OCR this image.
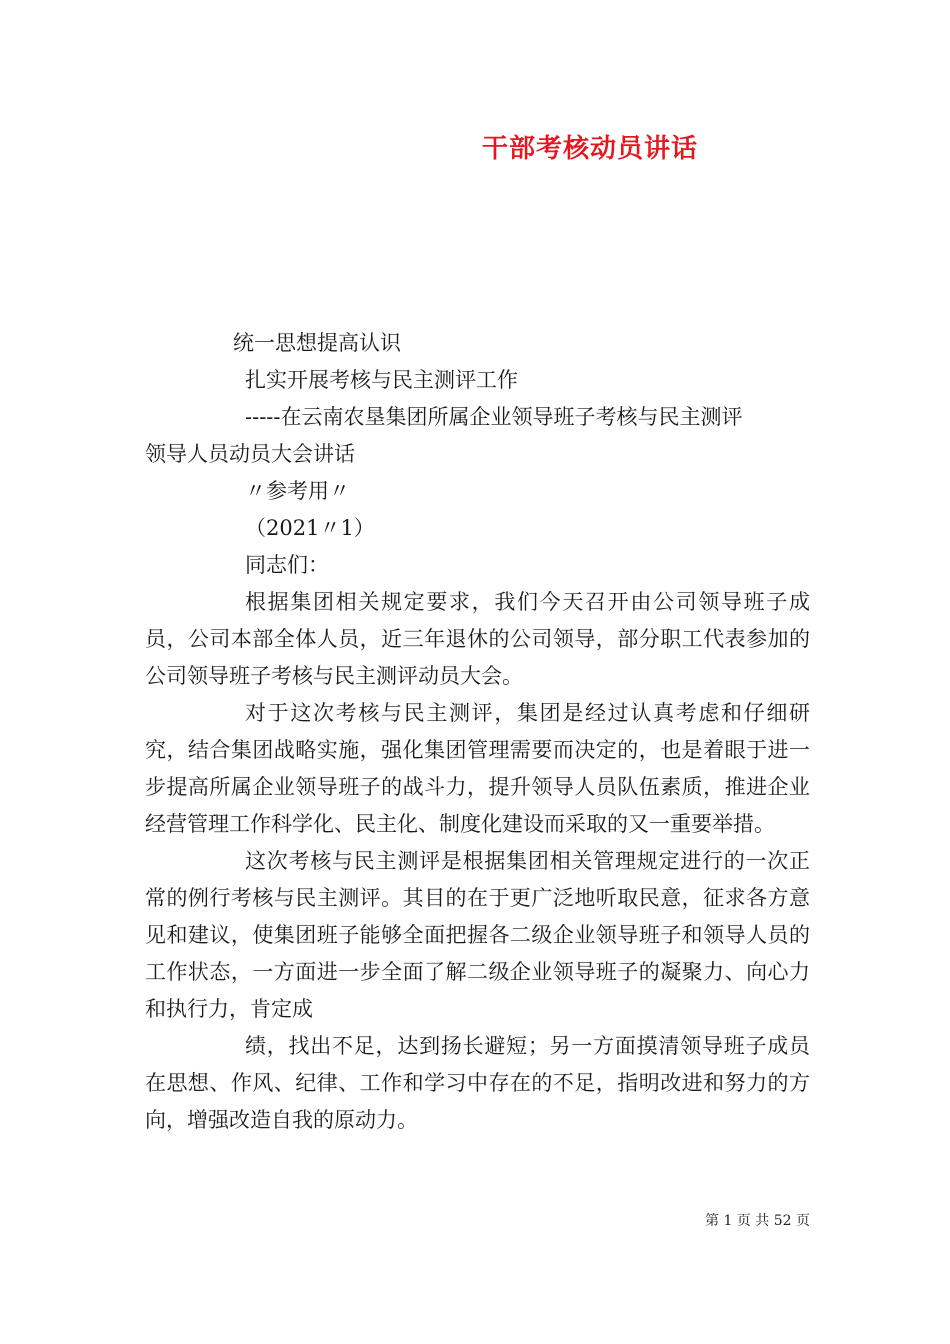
干部考核动员讲话

统一思想提高认识

扎实开展考核与民主测评工作

-----在云南农垦集团所属企业领导班子考核与民主测评

领导人员动员大会讲话

〃参考用〃

（2021〃1）

同志们：

根据集团相关规定要求，我们今天召开由公司领导班子成员，公司本部全体人员，近三年退休的公司领导，部分职工代表参加的公司领导班子考核与民主测评动员大会。

对于这次考核与民主测评，集团是经过认真考虑和仔细研究，结合集团战略实施，强化集团管理需要而决定的，也是着眼于进一步提高所属企业领导班子的战斗力，提升领导人员队伍素质，推进企业经营管理工作科学化、民主化、制度化建设而采取的又一重要举措。

这次考核与民主测评是根据集团相关管理规定进行的一次正常的例行考核与民主测评。其目的在于更广泛地听取民意，征求各方意见和建议，使集团班子能够全面把握各二级企业领导班子和领导人员的工作状态，一方面进一步全面了解二级企业领导班子的凝聚力、向心力和执行力，肯定成

绩，找出不足，达到扬长避短；另一方面摸清领导班子成员在思想、作风、纪律、工作和学习中存在的不足，指明改进和努力的方向，增强改造自我的原动力。

第 1 页 共 52 页
